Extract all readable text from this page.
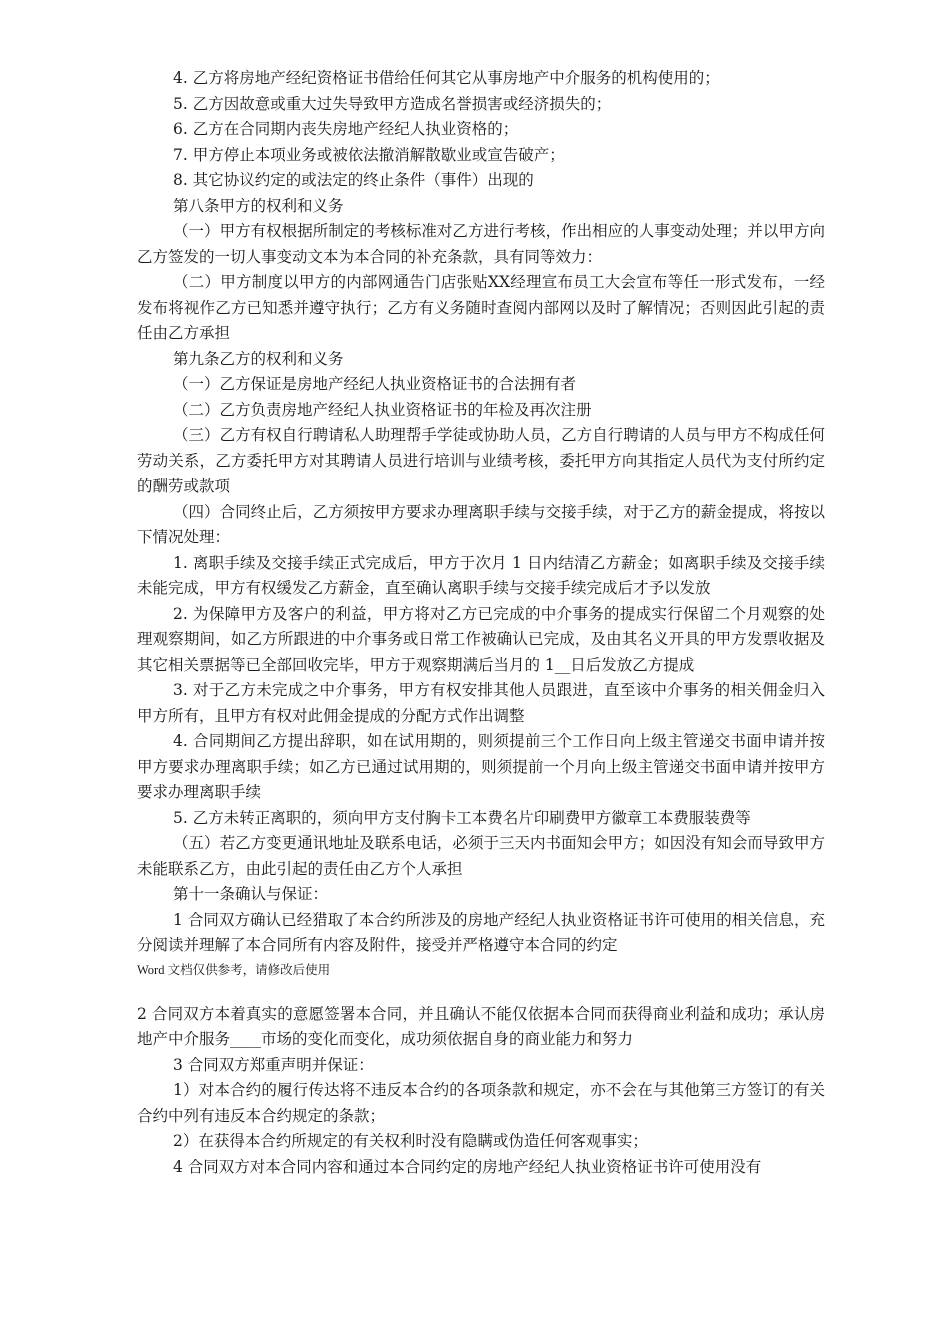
4. 乙方将房地产经纪资格证书借给任何其它从事房地产中介服务的机构使用的；

5. 乙方因故意或重大过失导致甲方造成名誉损害或经济损失的；

6. 乙方在合同期内丧失房地产经纪人执业资格的；

7. 甲方停止本项业务或被依法撤消解散歇业或宣告破产；

8. 其它协议约定的或法定的终止条件（事件）出现的

第八条甲方的权利和义务

（一）甲方有权根据所制定的考核标准对乙方进行考核，作出相应的人事变动处理；并以甲方向乙方签发的一切人事变动文本为本合同的补充条款，具有同等效力：

（二）甲方制度以甲方的内部网通告门店张贴XX经理宣布员工大会宣布等任一形式发布，一经发布将视作乙方已知悉并遵守执行；乙方有义务随时查阅内部网以及时了解情况；否则因此引起的责任由乙方承担

第九条乙方的权利和义务

（一）乙方保证是房地产经纪人执业资格证书的合法拥有者

（二）乙方负责房地产经纪人执业资格证书的年检及再次注册

（三）乙方有权自行聘请私人助理帮手学徒或协助人员，乙方自行聘请的人员与甲方不构成任何劳动关系，乙方委托甲方对其聘请人员进行培训与业绩考核，委托甲方向其指定人员代为支付所约定的酬劳或款项

（四）合同终止后，乙方须按甲方要求办理离职手续与交接手续，对于乙方的薪金提成，将按以下情况处理：

1. 离职手续及交接手续正式完成后，甲方于次月 1 日内结清乙方薪金；如离职手续及交接手续未能完成，甲方有权缓发乙方薪金，直至确认离职手续与交接手续完成后才予以发放

2. 为保障甲方及客户的利益，甲方将对乙方已完成的中介事务的提成实行保留二个月观察的处理观察期间，如乙方所跟进的中介事务或日常工作被确认已完成，及由其名义开具的甲方发票收据及其它相关票据等已全部回收完毕，甲方于观察期满后当月的 1__日后发放乙方提成

3. 对于乙方未完成之中介事务，甲方有权安排其他人员跟进，直至该中介事务的相关佣金归入甲方所有，且甲方有权对此佣金提成的分配方式作出调整

4. 合同期间乙方提出辞职，如在试用期的，则须提前三个工作日向上级主管递交书面申请并按甲方要求办理离职手续；如乙方已通过试用期的，则须提前一个月向上级主管递交书面申请并按甲方要求办理离职手续

5. 乙方未转正离职的，须向甲方支付胸卡工本费名片印刷费甲方徽章工本费服装费等

（五）若乙方变更通讯地址及联系电话，必须于三天内书面知会甲方；如因没有知会而导致甲方未能联系乙方，由此引起的责任由乙方个人承担

第十一条确认与保证：

1 合同双方确认已经猎取了本合约所涉及的房地产经纪人执业资格证书许可使用的相关信息，充分阅读并理解了本合同所有内容及附件，接受并严格遵守本合同的约定

Word 文档仅供参考，请修改后使用

2 合同双方本着真实的意愿签署本合同，并且确认不能仅依据本合同而获得商业利益和成功；承认房地产中介服务____市场的变化而变化，成功须依据自身的商业能力和努力

3 合同双方郑重声明并保证：

1）对本合约的履行传达将不违反本合约的各项条款和规定，亦不会在与其他第三方签订的有关合约中列有违反本合约规定的条款；

2）在获得本合约所规定的有关权利时没有隐瞒或伪造任何客观事实；

4 合同双方对本合同内容和通过本合同约定的房地产经纪人执业资格证书许可使用没有
